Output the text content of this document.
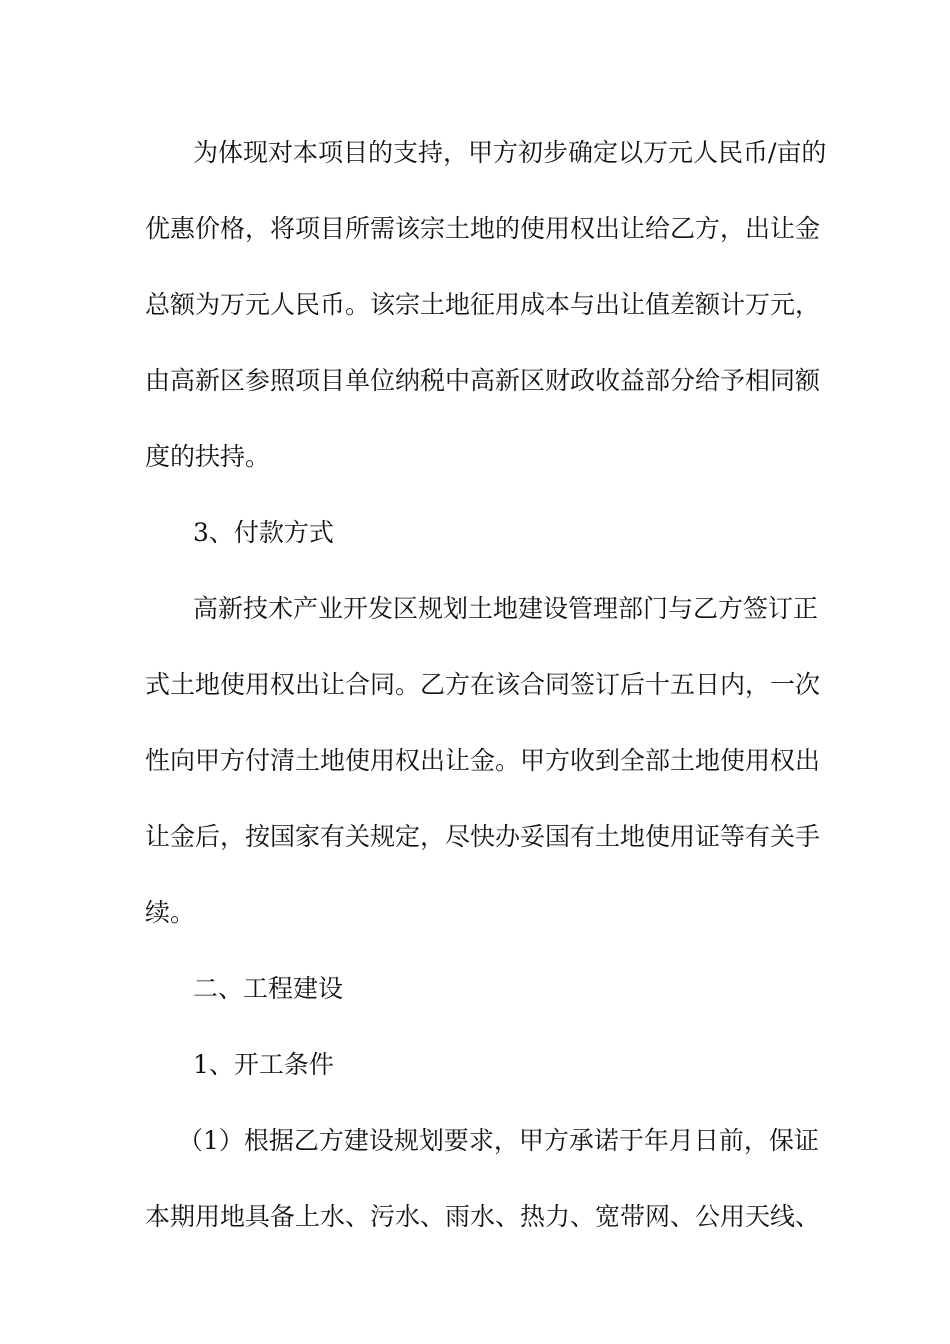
为体现对本项目的支持，甲方初步确定以万元人民币/亩的
优惠价格，将项目所需该宗土地的使用权出让给乙方，出让金
总额为万元人民币。该宗土地征用成本与出让值差额计万元，
由高新区参照项目单位纳税中高新区财政收益部分给予相同额
度的扶持。
3、付款方式
高新技术产业开发区规划土地建设管理部门与乙方签订正
式土地使用权出让合同。乙方在该合同签订后十五日内，一次
性向甲方付清土地使用权出让金。甲方收到全部土地使用权出
让金后，按国家有关规定，尽快办妥国有土地使用证等有关手
续。
二、工程建设
1、开工条件
（1）根据乙方建设规划要求，甲方承诺于年月日前，保证
本期用地具备上水、污水、雨水、热力、宽带网、公用天线、
